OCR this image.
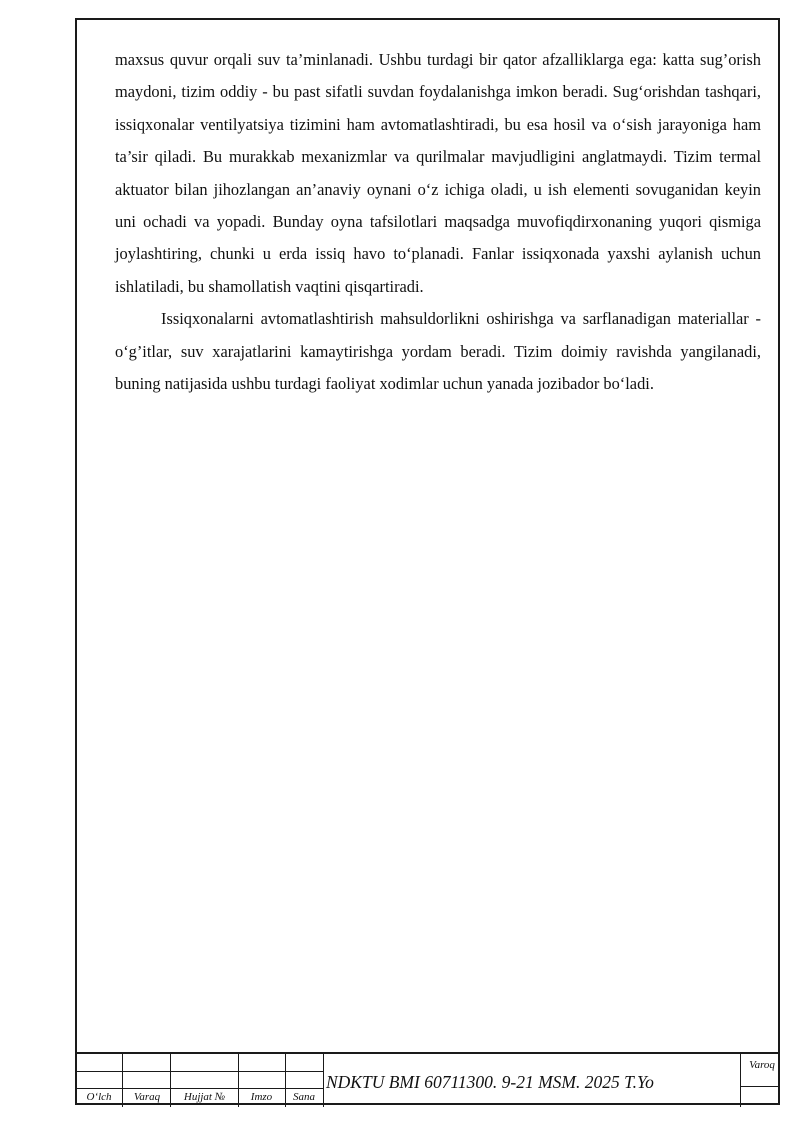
maxsus quvur orqali suv ta’minlanadi. Ushbu turdagi bir qator afzalliklarga ega: katta sug’orish maydoni, tizim oddiy - bu past sifatli suvdan foydalanishga imkon beradi. Sug‘orishdan tashqari, issiqxonalar ventilyatsiya tizimini ham avtomatlashtiradi, bu esa hosil va o‘sish jarayoniga ham ta’sir qiladi. Bu murakkab mexanizmlar va qurilmalar mavjudligini anglatmaydi. Tizim termal aktuator bilan jihozlangan an’anaviy oynani o‘z ichiga oladi, u ish elementi sovuganidan keyin uni ochadi va yopadi. Bunday oyna tafsilotlari maqsadga muvofiqdirxonaning yuqori qismiga joylashtiring, chunki u erda issiq havo to‘planadi. Fanlar issiqxonada yaxshi aylanish uchun ishlatiladi, bu shamollatish vaqtini qisqartiradi.

Issiqxonalarni avtomatlashtirish mahsuldorlikni oshirishga va sarflanadigan materiallar - o‘g’itlar, suv xarajatlarini kamaytirishga yordam beradi. Tizim doimiy ravishda yangilanadi, buning natijasida ushbu turdagi faoliyat xodimlar uchun yanada jozibador bo‘ladi.

O‘lch	Varaq	Hujjat №	Imzo	Sana
NDKTU BMI 60711300. 9-21 MSM. 2025 T.Yo
Varoq
